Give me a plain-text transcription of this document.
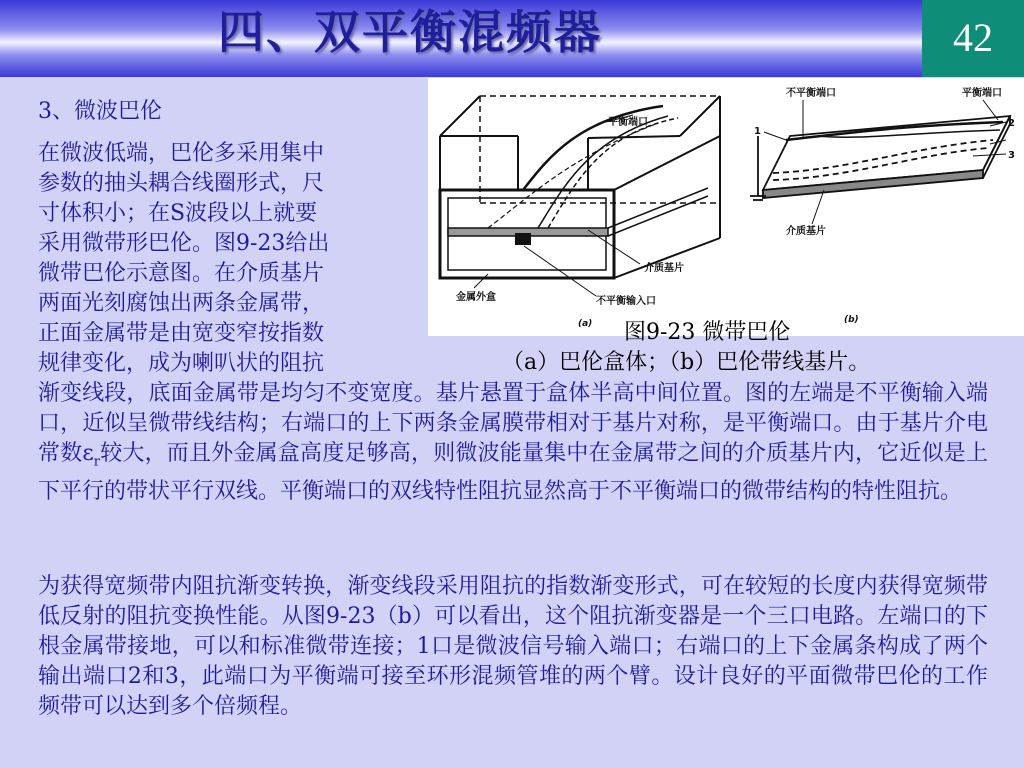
四、双平衡混频器	42
平衡端口
介质基片
金属外盒	不平衡输入口
(a)
不平衡端口	平衡端口
1
2
3
介质基片
(b)
图9-23 微带巴伦
（a）巴伦盒体；（b）巴伦带线基片。
3、微波巴伦
在微波低端，巴伦多采用集中
参数的抽头耦合线圈形式，尺
寸体积小；在S波段以上就要
采用微带形巴伦。图9-23给出
微带巴伦示意图。在介质基片
两面光刻腐蚀出两条金属带，
正面金属带是由宽变窄按指数
规律变化，成为喇叭状的阻抗
渐变线段，底面金属带是均匀不变宽度。基片悬置于盒体半高中间位置。图的左端是不平衡输入端口，近似呈微带线结构；右端口的上下两条金属膜带相对于基片对称，是平衡端口。由于基片介电常数$\varepsilon_r$较大，而且外金属盒高度足够高，则微波能量集中在金属带之间的介质基片内，它近似是上下平行的带状平行双线。平衡端口的双线特性阻抗显然高于不平衡端口的微带结构的特性阻抗。
为获得宽频带内阻抗渐变转换，渐变线段采用阻抗的指数渐变形式，可在较短的长度内获得宽频带低反射的阻抗变换性能。从图9-23（b）可以看出，这个阻抗渐变器是一个三口电路。左端口的下根金属带接地，可以和标准微带连接；1口是微波信号输入端口；右端口的上下金属条构成了两个输出端口2和3，此端口为平衡端可接至环形混频管堆的两个臂。设计良好的平面微带巴伦的工作频带可以达到多个倍频程。
